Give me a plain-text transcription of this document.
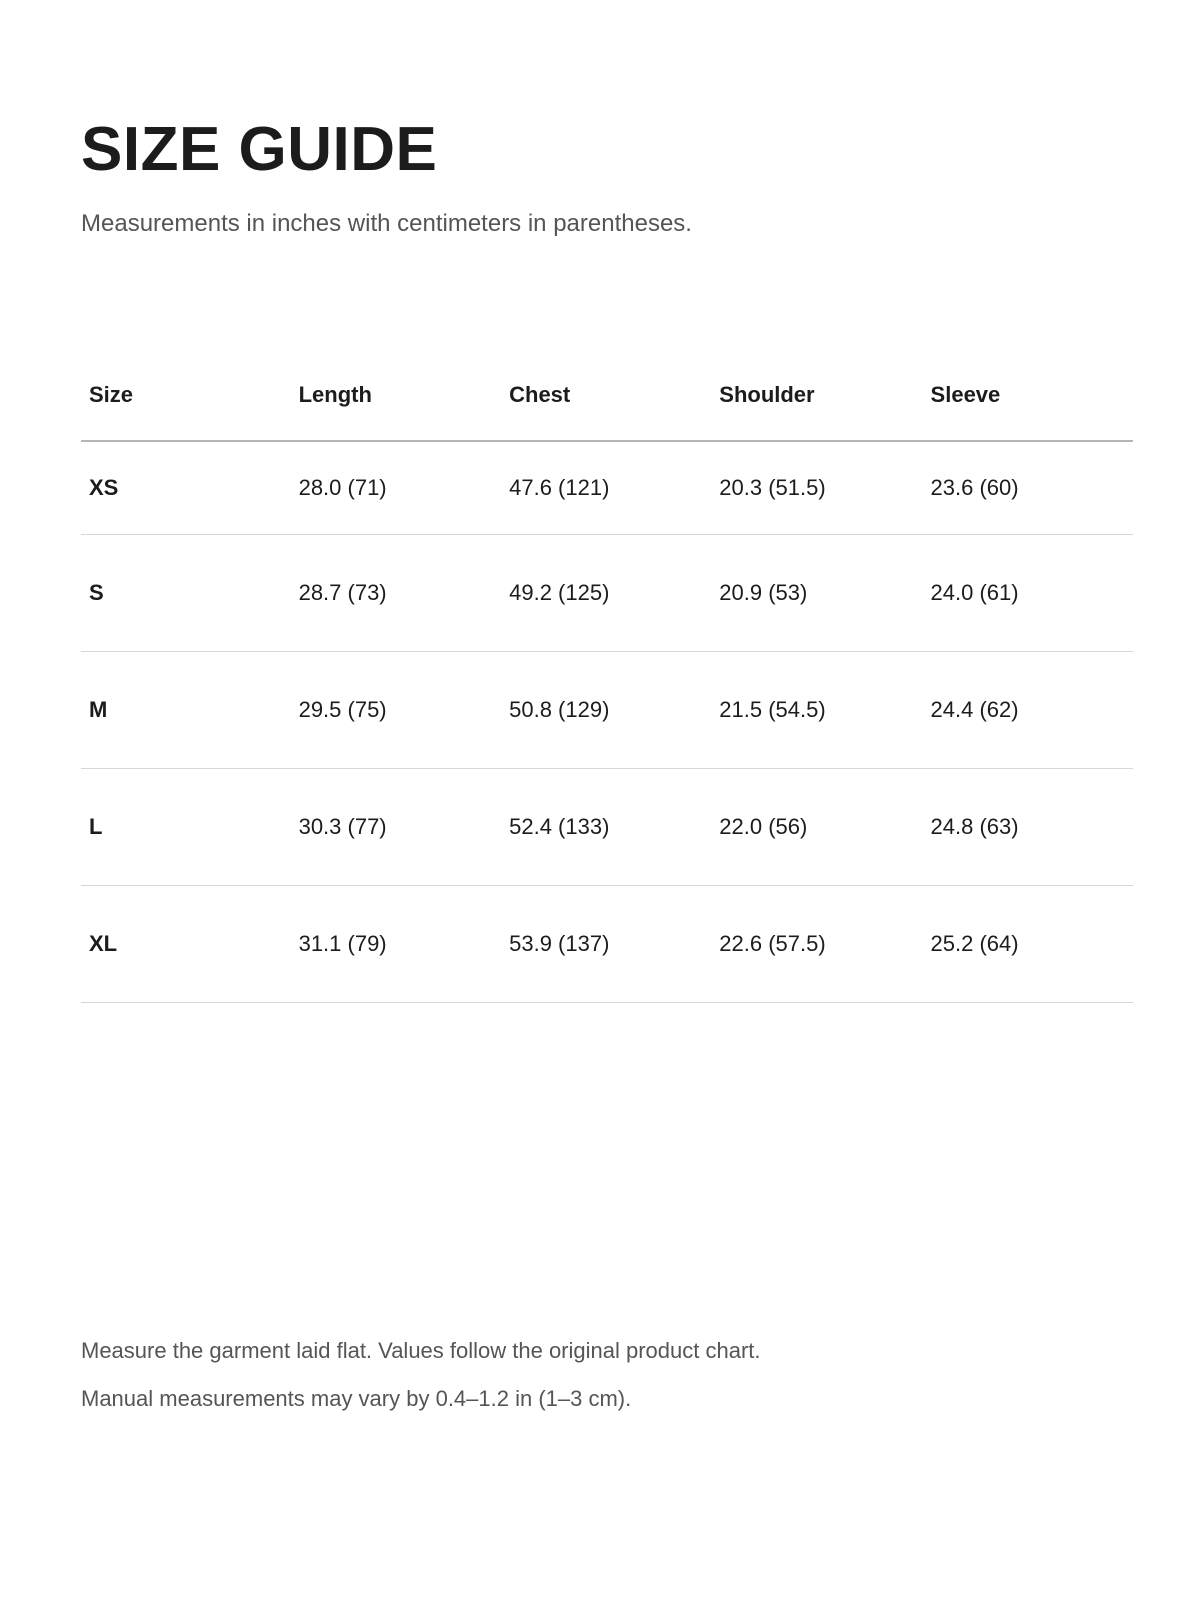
SIZE GUIDE

Measurements in inches with centimeters in parentheses.

Size	Length	Chest	Shoulder	Sleeve
XS	28.0 (71)	47.6 (121)	20.3 (51.5)	23.6 (60)
S	28.7 (73)	49.2 (125)	20.9 (53)	24.0 (61)
M	29.5 (75)	50.8 (129)	21.5 (54.5)	24.4 (62)
L	30.3 (77)	52.4 (133)	22.0 (56)	24.8 (63)
XL	31.1 (79)	53.9 (137)	22.6 (57.5)	25.2 (64)

Measure the garment laid flat. Values follow the original product chart.

Manual measurements may vary by 0.4–1.2 in (1–3 cm).
